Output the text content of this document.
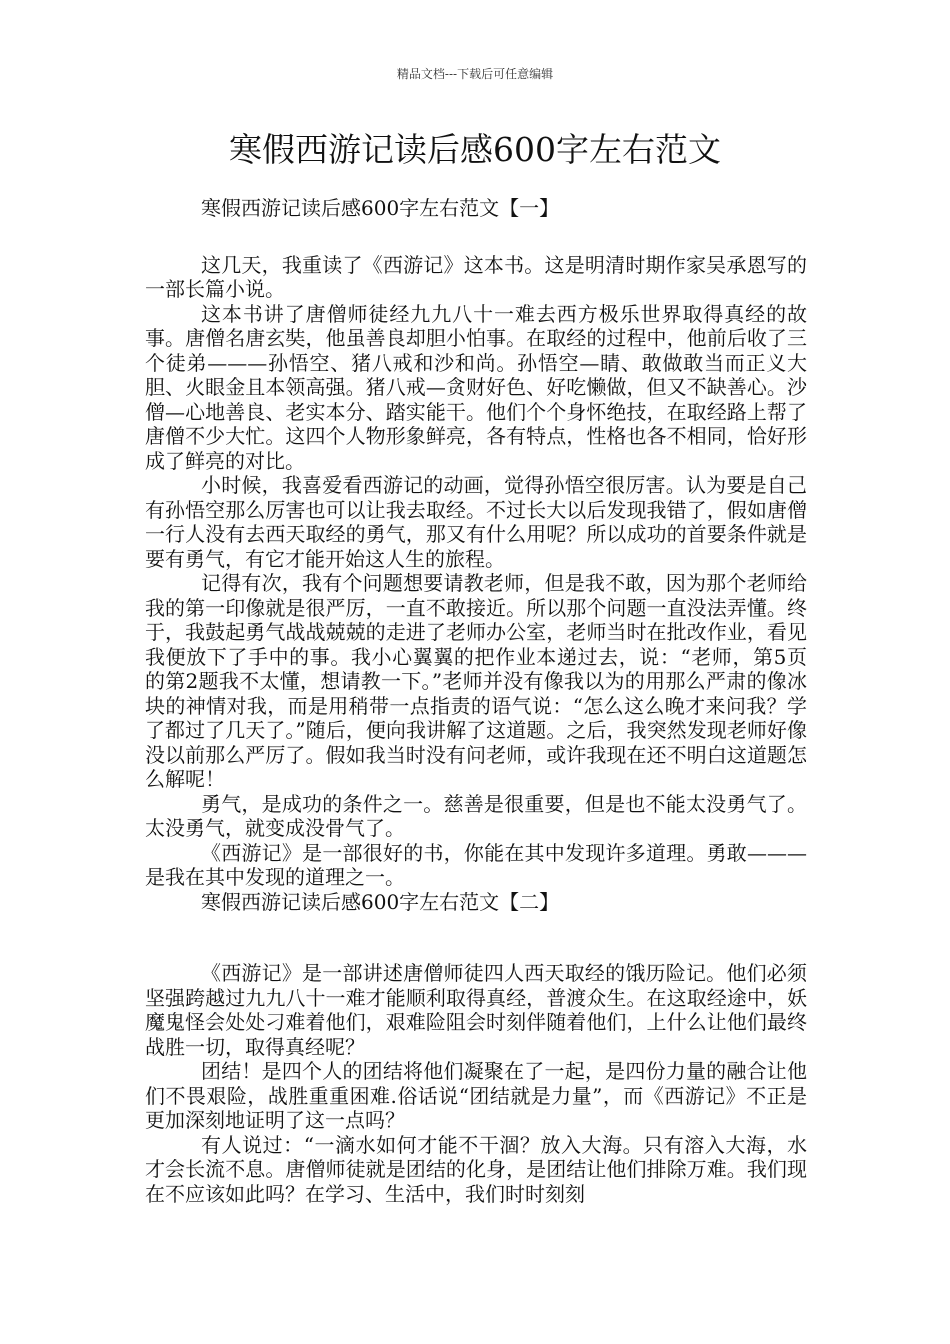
精品文档---下载后可任意编辑
寒假西游记读后感600字左右范文
寒假西游记读后感600字左右范文【一】

这几天，我重读了《西游记》这本书。这是明清时期作家吴承恩写的一部长篇小说。

这本书讲了唐僧师徒经九九八十一难去西方极乐世界取得真经的故事。唐僧名唐玄奘，他虽善良却胆小怕事。在取经的过程中，他前后收了三个徒弟———孙悟空、猪八戒和沙和尚。孙悟空—睛、敢做敢当而正义大胆、火眼金且本领高强。猪八戒—贪财好色、好吃懒做，但又不缺善心。沙僧—心地善良、老实本分、踏实能干。他们个个身怀绝技，在取经路上帮了唐僧不少大忙。这四个人物形象鲜亮，各有特点，性格也各不相同，恰好形成了鲜亮的对比。

小时候，我喜爱看西游记的动画，觉得孙悟空很厉害。认为要是自己有孙悟空那么厉害也可以让我去取经。不过长大以后发现我错了，假如唐僧一行人没有去西天取经的勇气，那又有什么用呢？所以成功的首要条件就是要有勇气，有它才能开始这人生的旅程。

记得有次，我有个问题想要请教老师，但是我不敢，因为那个老师给我的第一印像就是很严厉，一直不敢接近。所以那个问题一直没法弄懂。终于，我鼓起勇气战战兢兢的走进了老师办公室，老师当时在批改作业，看见我便放下了手中的事。我小心翼翼的把作业本递过去，说：“老师，第5页的第2题我不太懂，想请教一下。”老师并没有像我以为的用那么严肃的像冰块的神情对我，而是用稍带一点指责的语气说：“怎么这么晚才来问我？学了都过了几天了。”随后，便向我讲解了这道题。之后，我突然发现老师好像没以前那么严厉了。假如我当时没有问老师，或许我现在还不明白这道题怎么解呢！

勇气，是成功的条件之一。慈善是很重要，但是也不能太没勇气了。太没勇气，就变成没骨气了。

《西游记》是一部很好的书，你能在其中发现许多道理。勇敢———是我在其中发现的道理之一。

寒假西游记读后感600字左右范文【二】

《西游记》是一部讲述唐僧师徒四人西天取经的饿历险记。他们必须坚强跨越过九九八十一难才能顺利取得真经，普渡众生。在这取经途中，妖魔鬼怪会处处刁难着他们，艰难险阻会时刻伴随着他们，上什么让他们最终战胜一切，取得真经呢？

团结！是四个人的团结将他们凝聚在了一起，是四份力量的融合让他们不畏艰险，战胜重重困难.俗话说“团结就是力量”，而《西游记》不正是更加深刻地证明了这一点吗？

有人说过：“一滴水如何才能不干涸？放入大海。只有溶入大海，水才会长流不息。唐僧师徒就是团结的化身，是团结让他们排除万难。我们现在不应该如此吗？在学习、生活中，我们时时刻刻
